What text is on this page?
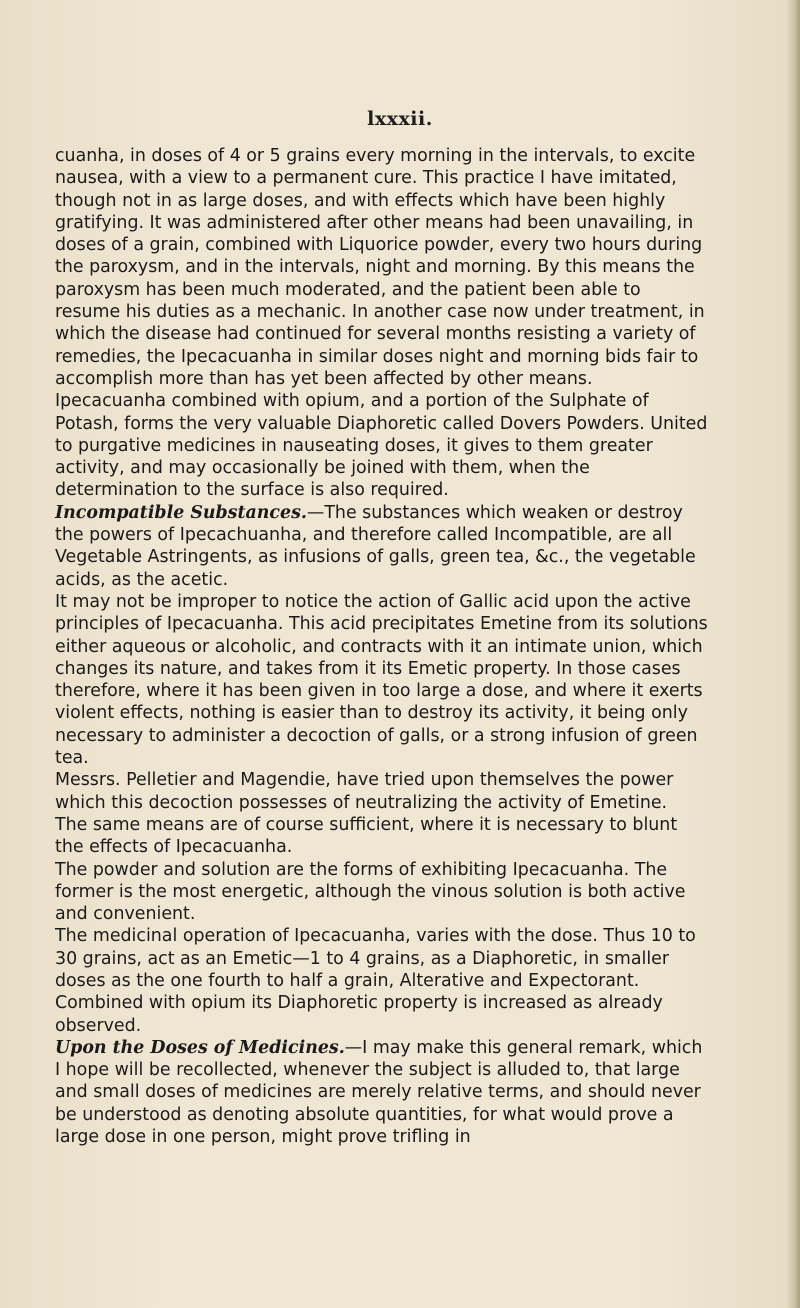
lxxxii.

cuanha, in doses of 4 or 5 grains every morning in the intervals, to excite nausea, with a view to a permanent cure. This practice I have imitated, though not in as large doses, and with effects which have been highly gratifying. It was administered after other means had been unavailing, in doses of a grain, combined with Liquorice powder, every two hours during the paroxysm, and in the intervals, night and morning. By this means the paroxysm has been much moderated, and the patient been able to resume his duties as a mechanic. In another case now under treatment, in which the disease had continued for several months resisting a variety of remedies, the Ipecacuanha in similar doses night and morning bids fair to accomplish more than has yet been affected by other means.

Ipecacuanha combined with opium, and a portion of the Sulphate of Potash, forms the very valuable Diaphoretic called Dovers Powders. United to purgative medicines in nauseating doses, it gives to them greater activity, and may occasionally be joined with them, when the determination to the surface is also required.

Incompatible Substances.—The substances which weaken or destroy the powers of Ipecachuanha, and therefore called Incompatible, are all Vegetable Astringents, as infusions of galls, green tea, &c., the vegetable acids, as the acetic.

It may not be improper to notice the action of Gallic acid upon the active principles of Ipecacuanha. This acid precipitates Emetine from its solutions either aqueous or alcoholic, and contracts with it an intimate union, which changes its nature, and takes from it its Emetic property. In those cases therefore, where it has been given in too large a dose, and where it exerts violent effects, nothing is easier than to destroy its activity, it being only necessary to administer a decoction of galls, or a strong infusion of green tea.

Messrs. Pelletier and Magendie, have tried upon themselves the power which this decoction possesses of neutralizing the activity of Emetine.

The same means are of course sufficient, where it is necessary to blunt the effects of Ipecacuanha.

The powder and solution are the forms of exhibiting Ipecacuanha. The former is the most energetic, although the vinous solution is both active and convenient.

The medicinal operation of Ipecacuanha, varies with the dose. Thus 10 to 30 grains, act as an Emetic—1 to 4 grains, as a Diaphoretic, in smaller doses as the one fourth to half a grain, Alterative and Expectorant.

Combined with opium its Diaphoretic property is increased as already observed.

Upon the Doses of Medicines.—I may make this general remark, which I hope will be recollected, whenever the subject is alluded to, that large and small doses of medicines are merely relative terms, and should never be understood as denoting absolute quantities, for what would prove a large dose in one person, might prove trifling in
